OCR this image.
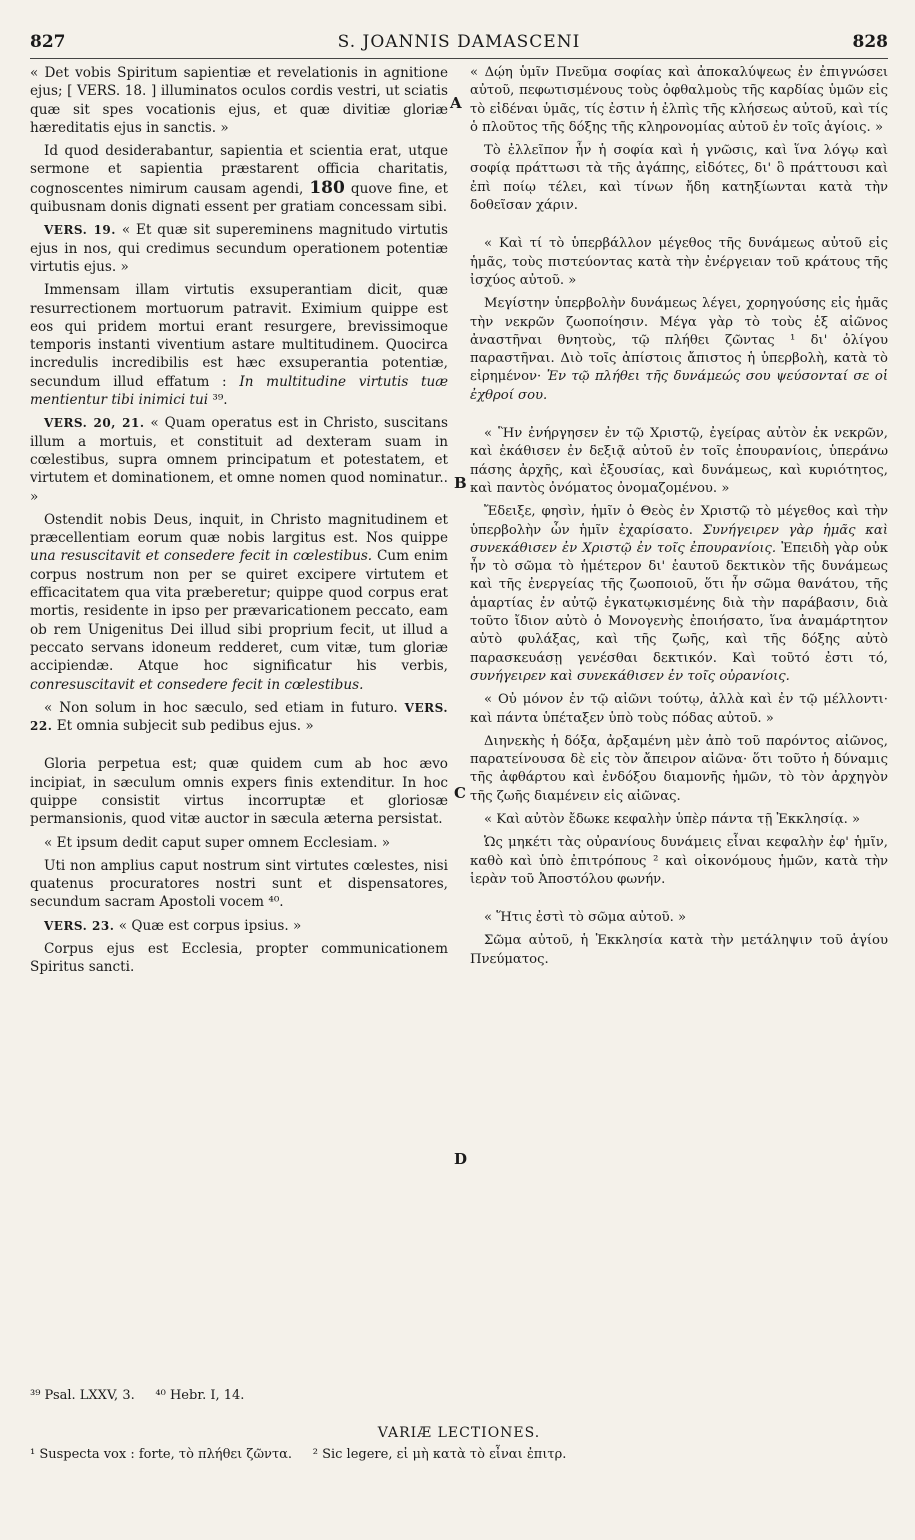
827	S. JOANNIS DAMASCENI	828

« Det vobis Spiritum sapientiæ et revelationis in agnitione ejus; [ VERS. 18. ] illuminatos oculos cordis vestri, ut sciatis quæ sit spes vocationis ejus, et quæ divitiæ gloriæ hæreditatis ejus in sanctis. »

Id quod desiderabantur, sapientia et scientia erat, utque sermone et sapientia præstarent officia charitatis, cognoscentes nimirum causam agendi, 180 quove fine, et quibusnam donis dignati essent per gratiam concessam sibi.

VERS. 19. « Et quæ sit supereminens magnitudo virtutis ejus in nos, qui credimus secundum operationem potentiæ virtutis ejus. »

Immensam illam virtutis exsuperantiam dicit, quæ resurrectionem mortuorum patravit. Eximium quippe est eos qui pridem mortui erant resurgere, brevissimoque temporis instanti viventium astare multitudinem. Quocirca incredulis incredibilis est hæc exsuperantia potentiæ, secundum illud effatum : In multitudine virtutis tuæ mentientur tibi inimici tui ³⁹.

VERS. 20, 21. « Quam operatus est in Christo, suscitans illum a mortuis, et constituit ad dexteram suam in cœlestibus, supra omnem principatum et potestatem, et virtutem et dominationem, et omne nomen quod nominatur.. »

Ostendit nobis Deus, inquit, in Christo magnitudinem et præcellentiam eorum quæ nobis largitus est. Nos quippe una resuscitavit et consedere fecit in cœlestibus. Cum enim corpus nostrum non per se quiret excipere virtutem et efficacitatem qua vita præberetur; quippe quod corpus erat mortis, residente in ipso per prævaricationem peccato, eam ob rem Unigenitus Dei illud sibi proprium fecit, ut illud a peccato servans idoneum redderet, cum vitæ, tum gloriæ accipiendæ. Atque hoc significatur his verbis, conresuscitavit et consedere fecit in cœlestibus.

« Non solum in hoc sæculo, sed etiam in futuro. VERS. 22. Et omnia subjecit sub pedibus ejus. »

Gloria perpetua est; quæ quidem cum ab hoc ævo incipiat, in sæculum omnis expers finis extenditur. In hoc quippe consistit virtus incorruptæ et gloriosæ permansionis, quod vitæ auctor in sæcula æterna persistat.

« Et ipsum dedit caput super omnem Ecclesiam. »

Uti non amplius caput nostrum sint virtutes cœlestes, nisi quatenus procuratores nostri sunt et dispensatores, secundum sacram Apostoli vocem ⁴⁰.

VERS. 23. « Quæ est corpus ipsius. »

Corpus ejus est Ecclesia, propter communicationem Spiritus sancti.

A
B
C
D

« Δῴη ὑμῖν Πνεῦμα σοφίας καὶ ἀποκαλύψεως ἐν ἐπιγνώσει αὐτοῦ, πεφωτισμένους τοὺς ὀφθαλμοὺς τῆς καρδίας ὑμῶν εἰς τὸ εἰδέναι ὑμᾶς, τίς ἐστιν ἡ ἐλπὶς τῆς κλήσεως αὐτοῦ, καὶ τίς ὁ πλοῦτος τῆς δόξης τῆς κληρονομίας αὐτοῦ ἐν τοῖς ἁγίοις. »

Τὸ ἐλλεῖπον ἦν ἡ σοφία καὶ ἡ γνῶσις, καὶ ἵνα λόγῳ καὶ σοφίᾳ πράττωσι τὰ τῆς ἀγάπης, εἰδότες, δι' ὃ πράττουσι καὶ ἐπὶ ποίῳ τέλει, καὶ τίνων ἤδη κατηξίωνται κατὰ τὴν δοθεῖσαν χάριν.

« Καὶ τί τὸ ὑπερβάλλον μέγεθος τῆς δυνάμεως αὐτοῦ εἰς ἡμᾶς, τοὺς πιστεύοντας κατὰ τὴν ἐνέργειαν τοῦ κράτους τῆς ἰσχύος αὐτοῦ. »

Μεγίστην ὑπερβολὴν δυνάμεως λέγει, χορηγούσης εἰς ἡμᾶς τὴν νεκρῶν ζωοποίησιν. Μέγα γὰρ τὸ τοὺς ἐξ αἰῶνος ἀναστῆναι θνητοὺς, τῷ πλήθει ζῶντας ¹ δι' ὀλίγου παραστῆναι. Διὸ τοῖς ἀπίστοις ἄπιστος ἡ ὑπερβολὴ, κατὰ τὸ εἰρημένον· Ἐν τῷ πλήθει τῆς δυνάμεώς σου ψεύσονταί σε οἱ ἐχθροί σου.

« Ἣν ἐνήργησεν ἐν τῷ Χριστῷ, ἐγείρας αὐτὸν ἐκ νεκρῶν, καὶ ἐκάθισεν ἐν δεξιᾷ αὐτοῦ ἐν τοῖς ἐπουρανίοις, ὑπεράνω πάσης ἀρχῆς, καὶ ἐξουσίας, καὶ δυνάμεως, καὶ κυριότητος, καὶ παντὸς ὀνόματος ὀνομαζομένου. »

Ἔδειξε, φησὶν, ἡμῖν ὁ Θεὸς ἐν Χριστῷ τὸ μέγεθος καὶ τὴν ὑπερβολὴν ὧν ἡμῖν ἐχαρίσατο. Συνήγειρεν γὰρ ἡμᾶς καὶ συνεκάθισεν ἐν Χριστῷ ἐν τοῖς ἐπουρανίοις. Ἐπειδὴ γὰρ οὐκ ἦν τὸ σῶμα τὸ ἡμέτερον δι' ἑαυτοῦ δεκτικὸν τῆς δυνάμεως καὶ τῆς ἐνεργείας τῆς ζωοποιοῦ, ὅτι ἦν σῶμα θανάτου, τῆς ἁμαρτίας ἐν αὐτῷ ἐγκατῳκισμένης διὰ τὴν παράβασιν, διὰ τοῦτο ἴδιον αὐτὸ ὁ Μονογενὴς ἐποιήσατο, ἵνα ἀναμάρτητον αὐτὸ φυλάξας, καὶ τῆς ζωῆς, καὶ τῆς δόξης αὐτὸ παρασκευάσῃ γενέσθαι δεκτικόν. Καὶ τοῦτό ἐστι τό, συνήγειρεν καὶ συνεκάθισεν ἐν τοῖς οὐρανίοις.

« Οὐ μόνον ἐν τῷ αἰῶνι τούτῳ, ἀλλὰ καὶ ἐν τῷ μέλλοντι· καὶ πάντα ὑπέταξεν ὑπὸ τοὺς πόδας αὐτοῦ. »

Διηνεκὴς ἡ δόξα, ἀρξαμένη μὲν ἀπὸ τοῦ παρόντος αἰῶνος, παρατείνουσα δὲ εἰς τὸν ἄπειρον αἰῶνα· ὅτι τοῦτο ἡ δύναμις τῆς ἀφθάρτου καὶ ἐνδόξου διαμονῆς ἡμῶν, τὸ τὸν ἀρχηγὸν τῆς ζωῆς διαμένειν εἰς αἰῶνας.

« Καὶ αὐτὸν ἔδωκε κεφαλὴν ὑπὲρ πάντα τῇ Ἐκκλησίᾳ. »

Ὡς μηκέτι τὰς οὐρανίους δυνάμεις εἶναι κεφαλὴν ἐφ' ἡμῖν, καθὸ καὶ ὑπὸ ἐπιτρόπους ² καὶ οἰκονόμους ἡμῶν, κατὰ τὴν ἱερὰν τοῦ Ἀποστόλου φωνήν.

« Ἥτις ἐστὶ τὸ σῶμα αὐτοῦ. »

Σῶμα αὐτοῦ, ἡ Ἐκκλησία κατὰ τὴν μετάληψιν τοῦ ἁγίου Πνεύματος.

³⁹ Psal. LXXV, 3. ⁴⁰ Hebr. I, 14.
VARIÆ LECTIONES.
¹ Suspecta vox : forte, τὸ πλήθει ζῶντα. ² Sic legere, εἰ μὴ κατὰ τὸ εἶναι ἐπιτρ.
